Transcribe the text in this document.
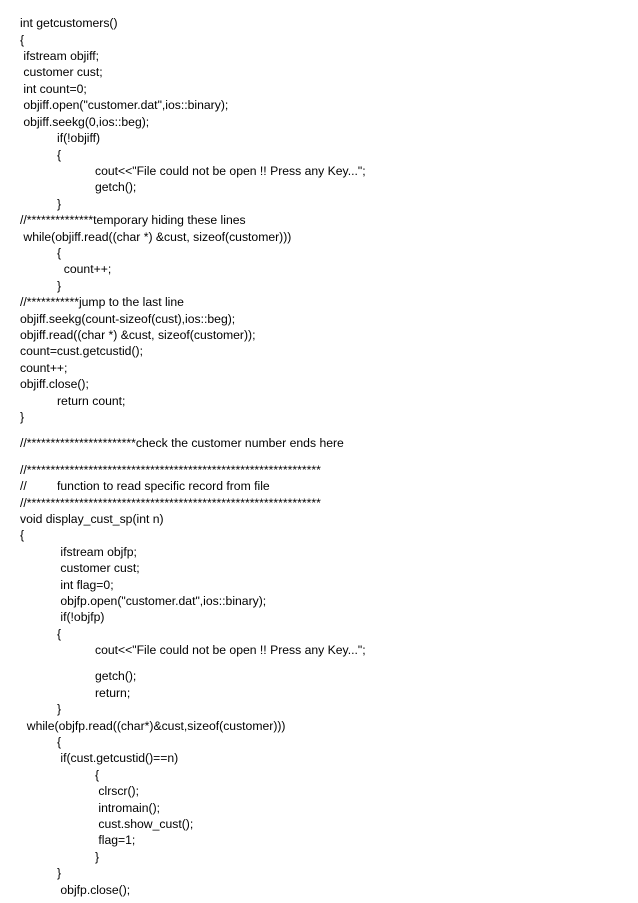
int getcustomers()

{

ifstream objiff;

customer cust;

int count=0;

objiff.open("customer.dat",ios::binary);

objiff.seekg(0,ios::beg);

if(!objiff)

{

cout<<"File could not be open !! Press any Key...";

getch();

}

//**************temporary hiding these lines

while(objiff.read((char *) &cust, sizeof(customer)))

{

count++;

}

//***********jump to the last line

objiff.seekg(count-sizeof(cust),ios::beg);

objiff.read((char *) &cust, sizeof(customer));

count=cust.getcustid();

count++;

objiff.close();

return count;

}

//***********************check the customer number ends here

//**************************************************************

// function to read specific record from file

//**************************************************************

void display_cust_sp(int n)

{

ifstream objfp;

customer cust;

int flag=0;

objfp.open("customer.dat",ios::binary);

if(!objfp)

{

cout<<"File could not be open !! Press any Key...";

getch();

return;

}

while(objfp.read((char*)&cust,sizeof(customer)))

{

if(cust.getcustid()==n)

{

clrscr();

intromain();

cust.show_cust();

flag=1;

}

}

objfp.close();
